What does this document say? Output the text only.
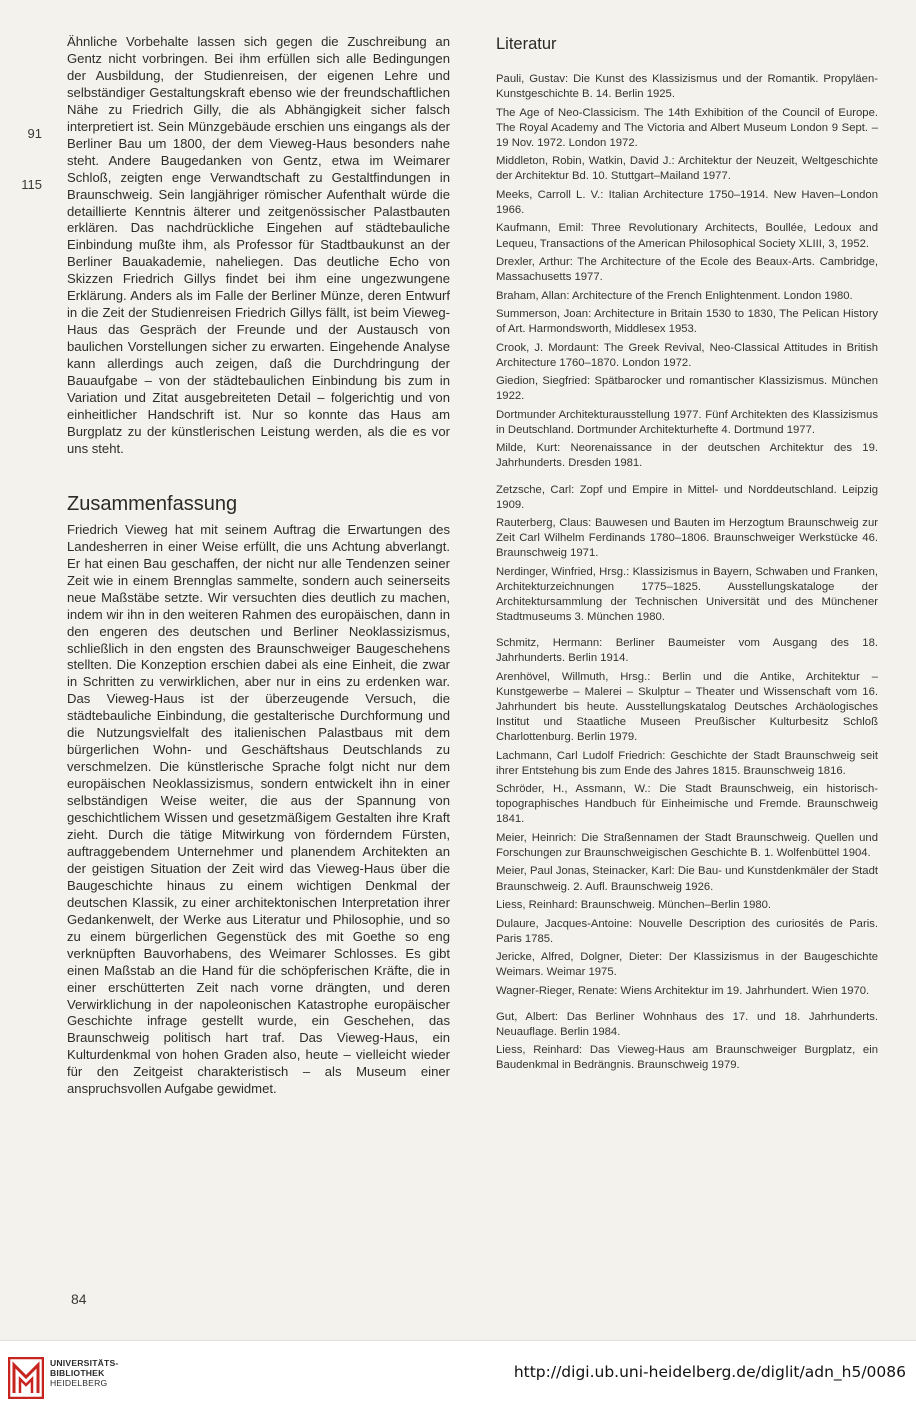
91
115

Ähnliche Vorbehalte lassen sich gegen die Zuschreibung an Gentz nicht vorbringen. Bei ihm erfüllen sich alle Bedingungen der Ausbildung, der Studienreisen, der eigenen Lehre und selbständiger Gestaltungskraft ebenso wie der freundschaftlichen Nähe zu Friedrich Gilly, die als Abhängigkeit sicher falsch interpretiert ist. Sein Münzgebäude erschien uns eingangs als der Berliner Bau um 1800, der dem Vieweg-Haus besonders nahe steht. Andere Baugedanken von Gentz, etwa im Weimarer Schloß, zeigten enge Verwandtschaft zu Gestaltfindungen in Braunschweig. Sein langjähriger römischer Aufenthalt würde die detaillierte Kenntnis älterer und zeitgenössischer Palastbauten erklären. Das nachdrückliche Eingehen auf städtebauliche Einbindung mußte ihm, als Professor für Stadtbaukunst an der Berliner Bauakademie, naheliegen. Das deutliche Echo von Skizzen Friedrich Gillys findet bei ihm eine ungezwungene Erklärung. Anders als im Falle der Berliner Münze, deren Entwurf in die Zeit der Studienreisen Friedrich Gillys fällt, ist beim Vieweg-Haus das Gespräch der Freunde und der Austausch von baulichen Vorstellungen sicher zu erwarten. Eingehende Analyse kann allerdings auch zeigen, daß die Durchdringung der Bauaufgabe – von der städtebaulichen Einbindung bis zum in Variation und Zitat ausgebreiteten Detail – folgerichtig und von einheitlicher Handschrift ist. Nur so konnte das Haus am Burgplatz zu der künstlerischen Leistung werden, als die es vor uns steht.

Zusammenfassung

Friedrich Vieweg hat mit seinem Auftrag die Erwartungen des Landesherren in einer Weise erfüllt, die uns Achtung abverlangt. Er hat einen Bau geschaffen, der nicht nur alle Tendenzen seiner Zeit wie in einem Brennglas sammelte, sondern auch seinerseits neue Maßstäbe setzte. Wir versuchten dies deutlich zu machen, indem wir ihn in den weiteren Rahmen des europäischen, dann in den engeren des deutschen und Berliner Neoklassizismus, schließlich in den engsten des Braunschweiger Baugeschehens stellten. Die Konzeption erschien dabei als eine Einheit, die zwar in Schritten zu verwirklichen, aber nur in eins zu erdenken war. Das Vieweg-Haus ist der überzeugende Versuch, die städtebauliche Einbindung, die gestalterische Durchformung und die Nutzungsvielfalt des italienischen Palastbaus mit dem bürgerlichen Wohn- und Geschäftshaus Deutschlands zu verschmelzen. Die künstlerische Sprache folgt nicht nur dem europäischen Neoklassizismus, sondern entwickelt ihn in einer selbständigen Weise weiter, die aus der Spannung von geschichtlichem Wissen und gesetzmäßigem Gestalten ihre Kraft zieht. Durch die tätige Mitwirkung von förderndem Fürsten, auftraggebendem Unternehmer und planendem Architekten an der geistigen Situation der Zeit wird das Vieweg-Haus über die Baugeschichte hinaus zu einem wichtigen Denkmal der deutschen Klassik, zu einer architektonischen Interpretation ihrer Gedankenwelt, der Werke aus Literatur und Philosophie, und so zu einem bürgerlichen Gegenstück des mit Goethe so eng verknüpften Bauvorhabens, des Weimarer Schlosses. Es gibt einen Maßstab an die Hand für die schöpferischen Kräfte, die in einer erschütterten Zeit nach vorne drängten, und deren Verwirklichung in der napoleonischen Katastrophe europäischer Geschichte infrage gestellt wurde, ein Geschehen, das Braunschweig politisch hart traf. Das Vieweg-Haus, ein Kulturdenkmal von hohen Graden also, heute – vielleicht wieder für den Zeitgeist charakteristisch – als Museum einer anspruchsvollen Aufgabe gewidmet.

Literatur
Pauli, Gustav: Die Kunst des Klassizismus und der Romantik. Propyläen-Kunstgeschichte B. 14. Berlin 1925.
The Age of Neo-Classicism. The 14th Exhibition of the Council of Europe. The Royal Academy and The Victoria and Albert Museum London 9 Sept. – 19 Nov. 1972. London 1972.
Middleton, Robin, Watkin, David J.: Architektur der Neuzeit, Weltgeschichte der Architektur Bd. 10. Stuttgart–Mailand 1977.
Meeks, Carroll L. V.: Italian Architecture 1750–1914. New Haven–London 1966.
Kaufmann, Emil: Three Revolutionary Architects, Boullée, Ledoux and Lequeu, Transactions of the American Philosophical Society XLIII, 3, 1952.
Drexler, Arthur: The Architecture of the Ecole des Beaux-Arts. Cambridge, Massachusetts 1977.
Braham, Allan: Architecture of the French Enlightenment. London 1980.
Summerson, Joan: Architecture in Britain 1530 to 1830, The Pelican History of Art. Harmondsworth, Middlesex 1953.
Crook, J. Mordaunt: The Greek Revival, Neo-Classical Attitudes in British Architecture 1760–1870. London 1972.
Giedion, Siegfried: Spätbarocker und romantischer Klassizismus. München 1922.
Dortmunder Architekturausstellung 1977. Fünf Architekten des Klassizismus in Deutschland. Dortmunder Architekturhefte 4. Dortmund 1977.
Milde, Kurt: Neorenaissance in der deutschen Architektur des 19. Jahrhunderts. Dresden 1981.
Zetzsche, Carl: Zopf und Empire in Mittel- und Norddeutschland. Leipzig 1909.
Rauterberg, Claus: Bauwesen und Bauten im Herzogtum Braunschweig zur Zeit Carl Wilhelm Ferdinands 1780–1806. Braunschweiger Werkstücke 46. Braunschweig 1971.
Nerdinger, Winfried, Hrsg.: Klassizismus in Bayern, Schwaben und Franken, Architekturzeichnungen 1775–1825. Ausstellungskataloge der Architektursammlung der Technischen Universität und des Münchener Stadtmuseums 3. München 1980.
Schmitz, Hermann: Berliner Baumeister vom Ausgang des 18. Jahrhunderts. Berlin 1914.
Arenhövel, Willmuth, Hrsg.: Berlin und die Antike, Architektur – Kunstgewerbe – Malerei – Skulptur – Theater und Wissenschaft vom 16. Jahrhundert bis heute. Ausstellungskatalog Deutsches Archäologisches Institut und Staatliche Museen Preußischer Kulturbesitz Schloß Charlottenburg. Berlin 1979.
Lachmann, Carl Ludolf Friedrich: Geschichte der Stadt Braunschweig seit ihrer Entstehung bis zum Ende des Jahres 1815. Braunschweig 1816.
Schröder, H., Assmann, W.: Die Stadt Braunschweig, ein historisch-topographisches Handbuch für Einheimische und Fremde. Braunschweig 1841.
Meier, Heinrich: Die Straßennamen der Stadt Braunschweig. Quellen und Forschungen zur Braunschweigischen Geschichte B. 1. Wolfenbüttel 1904.
Meier, Paul Jonas, Steinacker, Karl: Die Bau- und Kunstdenkmäler der Stadt Braunschweig. 2. Aufl. Braunschweig 1926.
Liess, Reinhard: Braunschweig. München–Berlin 1980.
Dulaure, Jacques-Antoine: Nouvelle Description des curiosités de Paris. Paris 1785.
Jericke, Alfred, Dolgner, Dieter: Der Klassizismus in der Baugeschichte Weimars. Weimar 1975.
Wagner-Rieger, Renate: Wiens Architektur im 19. Jahrhundert. Wien 1970.
Gut, Albert: Das Berliner Wohnhaus des 17. und 18. Jahrhunderts. Neuauflage. Berlin 1984.
Liess, Reinhard: Das Vieweg-Haus am Braunschweiger Burgplatz, ein Baudenkmal in Bedrängnis. Braunschweig 1979.
84
UNIVERSITÄTS-
BIBLIOTHEK
HEIDELBERG
http://digi.ub.uni-heidelberg.de/diglit/adn_h5/0086
